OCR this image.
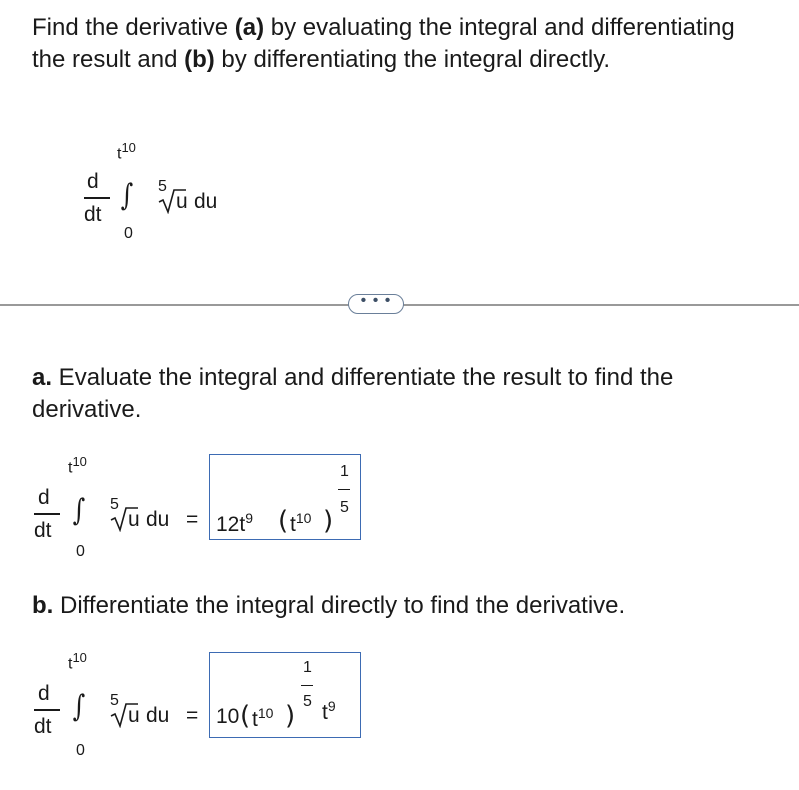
Find the derivative (a) by evaluating the integral and differentiating the result and (b) by differentiating the integral directly.
d
dt
∫
$t^{10}$
0
5
u du
• • •
a. Evaluate the integral and differentiate the result to find the derivative.
d
dt
∫
$t^{10}$
0
5
u du = $12t^9$ ( $t^{10}$ )
1
5
b. Differentiate the integral directly to find the derivative.
d
dt
∫
$t^{10}$
0
5
u du = 10 ( $t^{10}$ )
1
5 $t^9$
